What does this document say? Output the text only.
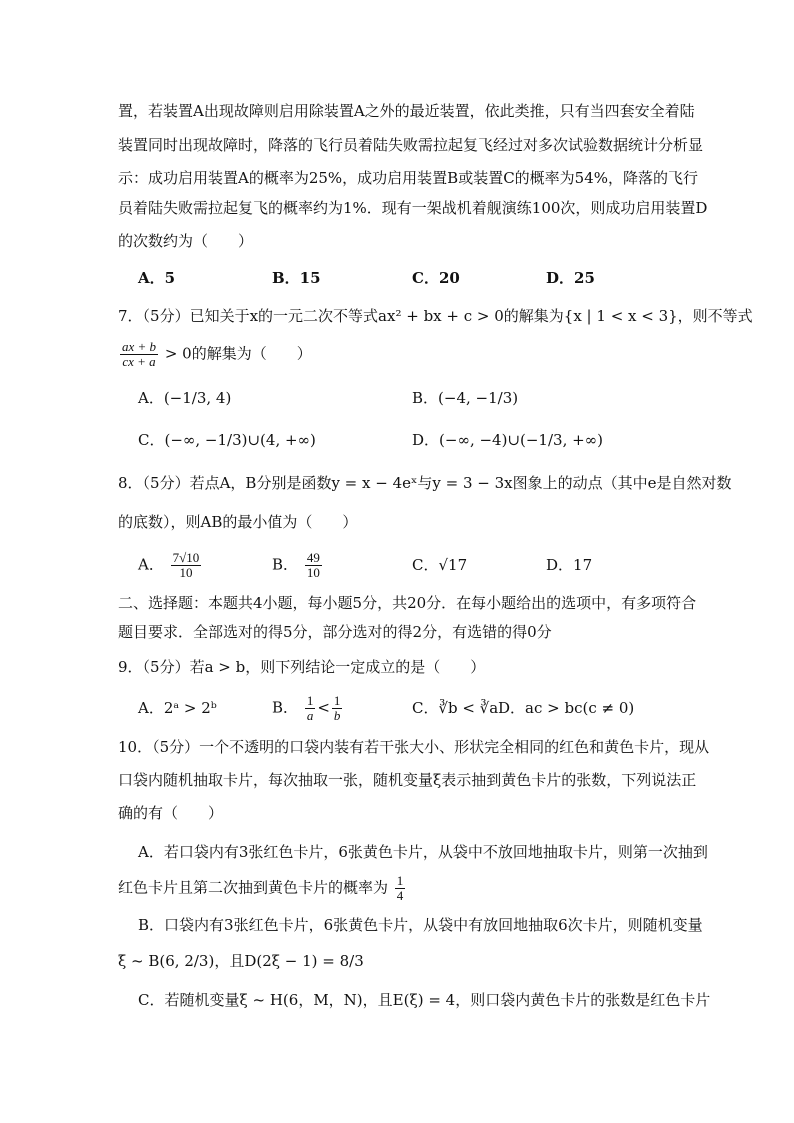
置，若装置A出现故障则启用除装置A之外的最近装置，依此类推，只有当四套安全着陆
装置同时出现故障时，降落的飞行员着陆失败需拉起复飞经过对多次试验数据统计分析显
示：成功启用装置A的概率为25%，成功启用装置B或装置C的概率为54%，降落的飞行
员着陆失败需拉起复飞的概率约为1%．现有一架战机着舰演练100次，则成功启用装置D
的次数约为（　　）
A．5	B．15	C．20	D．25
7．（5分）已知关于x的一元二次不等式ax² + bx + c > 0的解集为{x | 1 < x < 3}，则不等式
$\frac{ax + b}{cx + a} > 0$的解集为（　　）
A．(−1/3, 4)	B．(−4, −1/3)
C．(−∞, −1/3)∪(4, +∞)	D．(−∞, −4)∪(−1/3, +∞)
8．（5分）若点A，B分别是函数y = x − 4eˣ与y = 3 − 3x图象上的动点（其中e是自然对数
的底数），则AB的最小值为（　　）
A． $\frac{7√10}{10}$	B． $\frac{49}{10}$	C．√17	D．17
二、选择题：本题共4小题，每小题5分，共20分．在每小题给出的选项中，有多项符合
题目要求．全部选对的得5分，部分选对的得2分，有选错的得0分
9．（5分）若a > b，则下列结论一定成立的是（　　）
A．2ᵃ > 2ᵇ	B． $\frac{1}{a} < \frac{1}{b}$	C．∛b < ∛a D．ac > bc(c ≠ 0)
10．（5分）一个不透明的口袋内装有若干张大小、形状完全相同的红色和黄色卡片，现从
口袋内随机抽取卡片，每次抽取一张，随机变量ξ表示抽到黄色卡片的张数，下列说法正
确的有（　　）
A．若口袋内有3张红色卡片，6张黄色卡片，从袋中不放回地抽取卡片，则第一次抽到
红色卡片且第二次抽到黄色卡片的概率为 $\frac{1}{4}$
B．口袋内有3张红色卡片，6张黄色卡片，从袋中有放回地抽取6次卡片，则随机变量
ξ ~ B(6, 2/3)，且D(2ξ − 1) = 8/3
C．若随机变量ξ ~ H(6，M，N)，且E(ξ) = 4，则口袋内黄色卡片的张数是红色卡片
